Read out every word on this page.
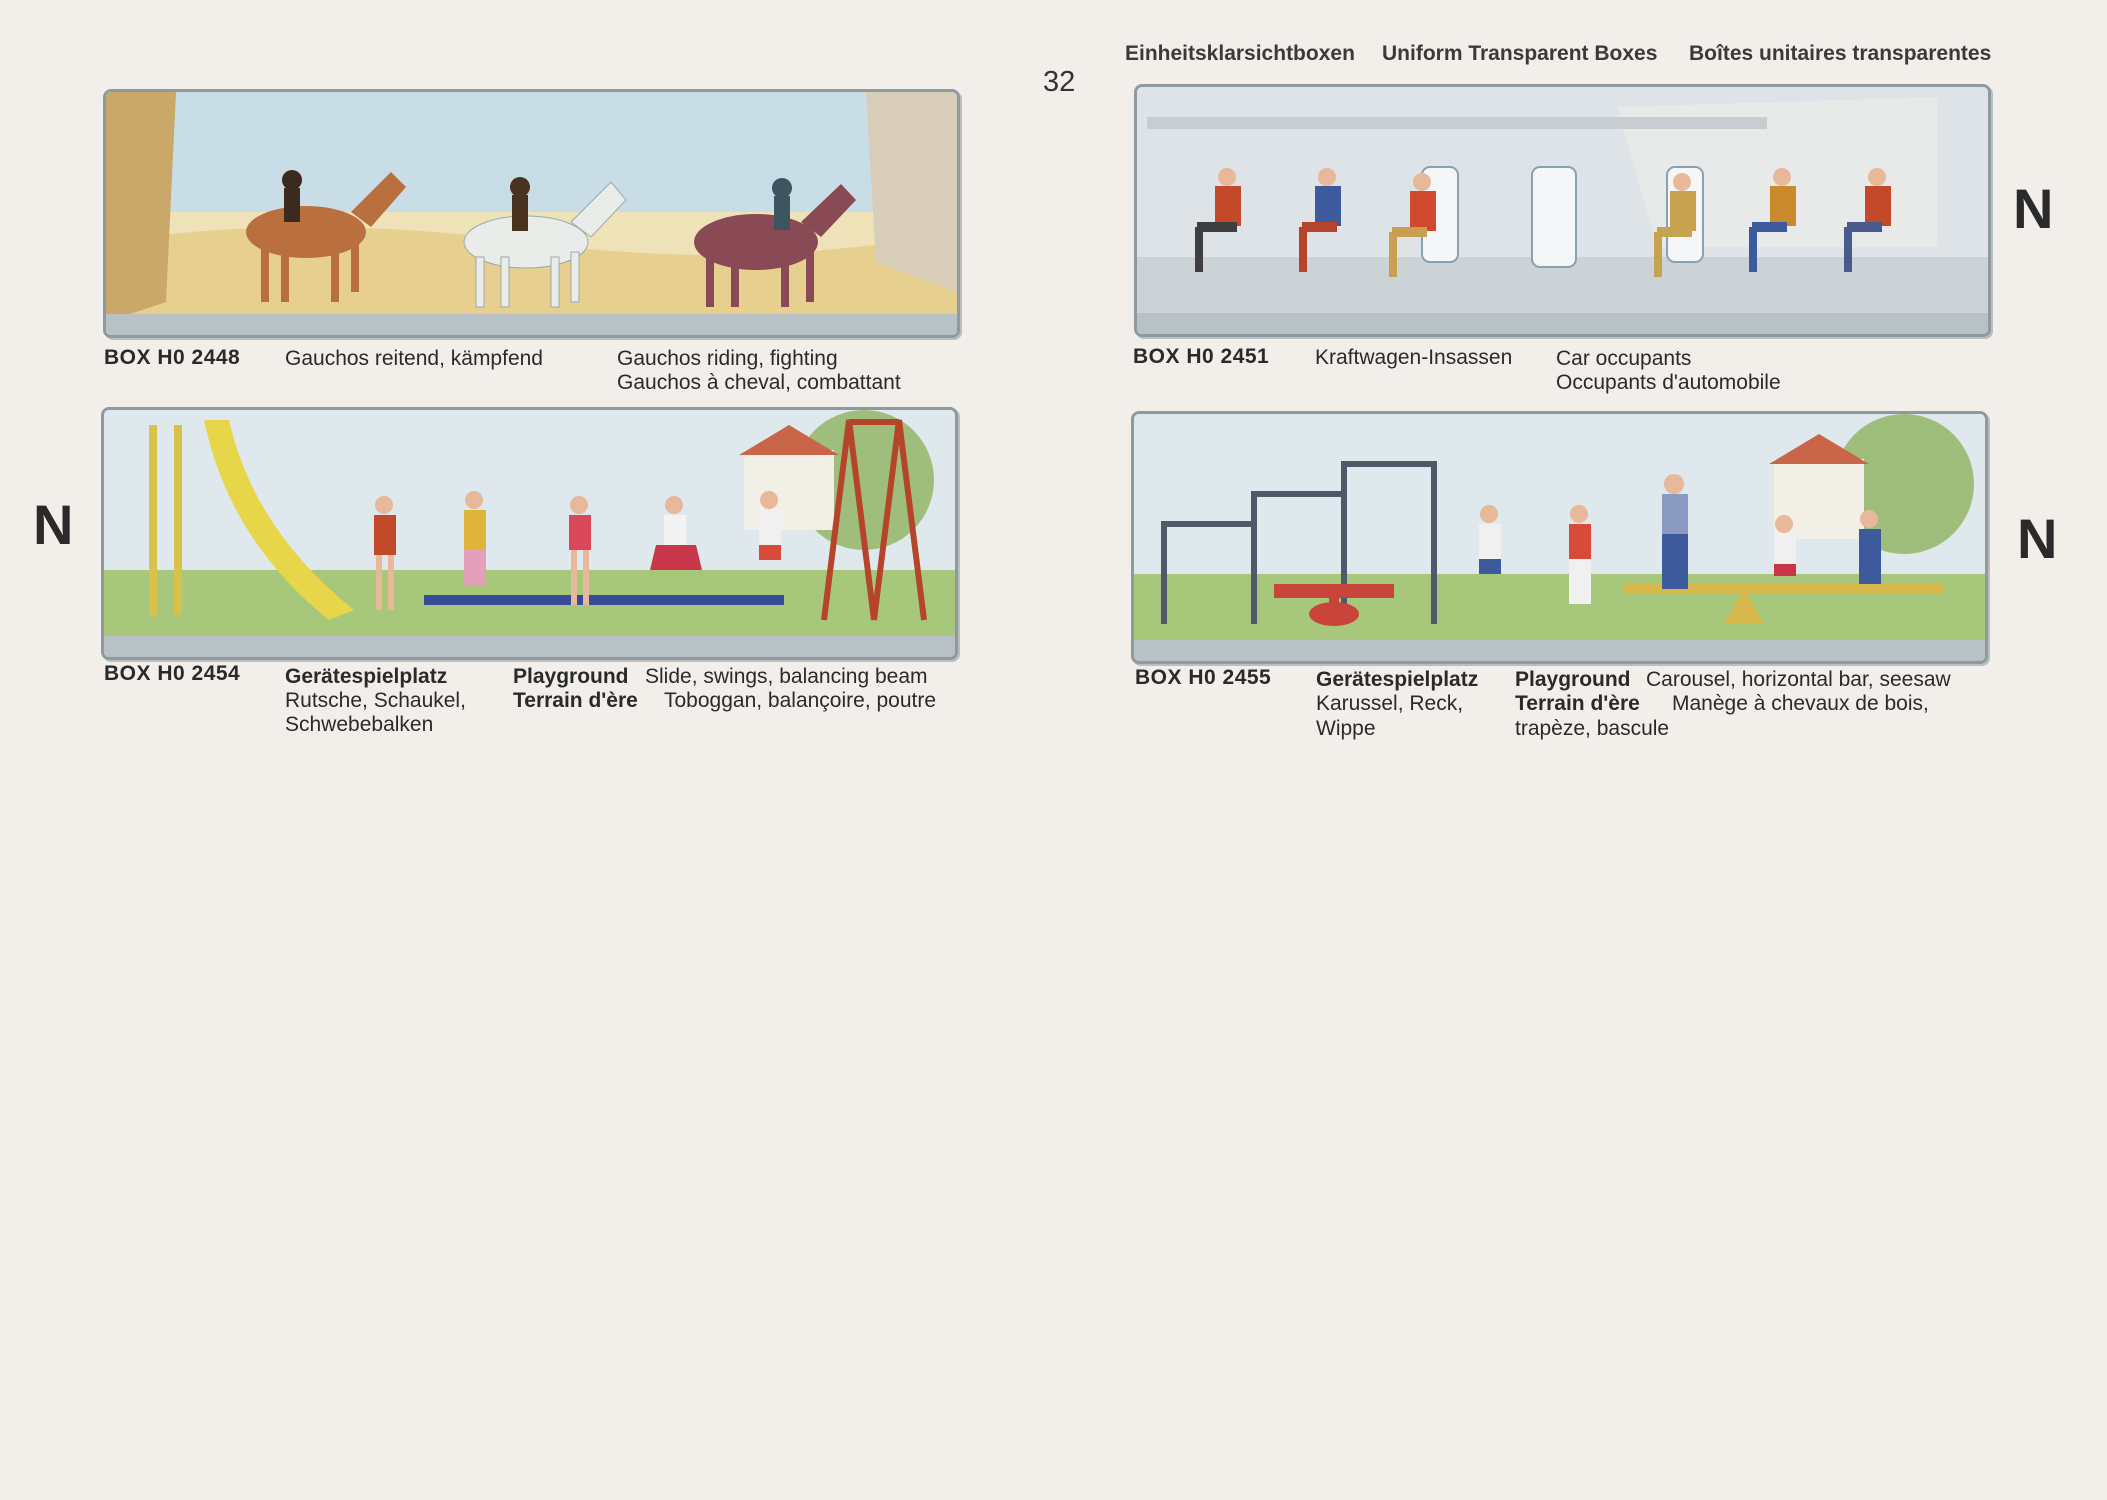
32
Einheitsklarsichtboxen Uniform Transparent Boxes Boîtes unitaires transparentes
N
N	N
BOX H0 2448 Gauchos reitend, kämpfend	Gauchos riding, fighting
Gauchos à cheval, combattant
BOX H0 2451 Kraftwagen-Insassen Car occupants
Occupants d'automobile
BOX H0 2454 Gerätespielplatz
Rutsche, Schaukel,
Schwebebalken
Playground Slide, swings, balancing beam
Terrain d'ère Toboggan, balançoire, poutre
BOX H0 2455 Gerätespielplatz
Karussel, Reck,
Wippe
Playground Carousel, horizontal bar, seesaw
Terrain d'ère Manège à chevaux de bois,
trapèze, bascule
